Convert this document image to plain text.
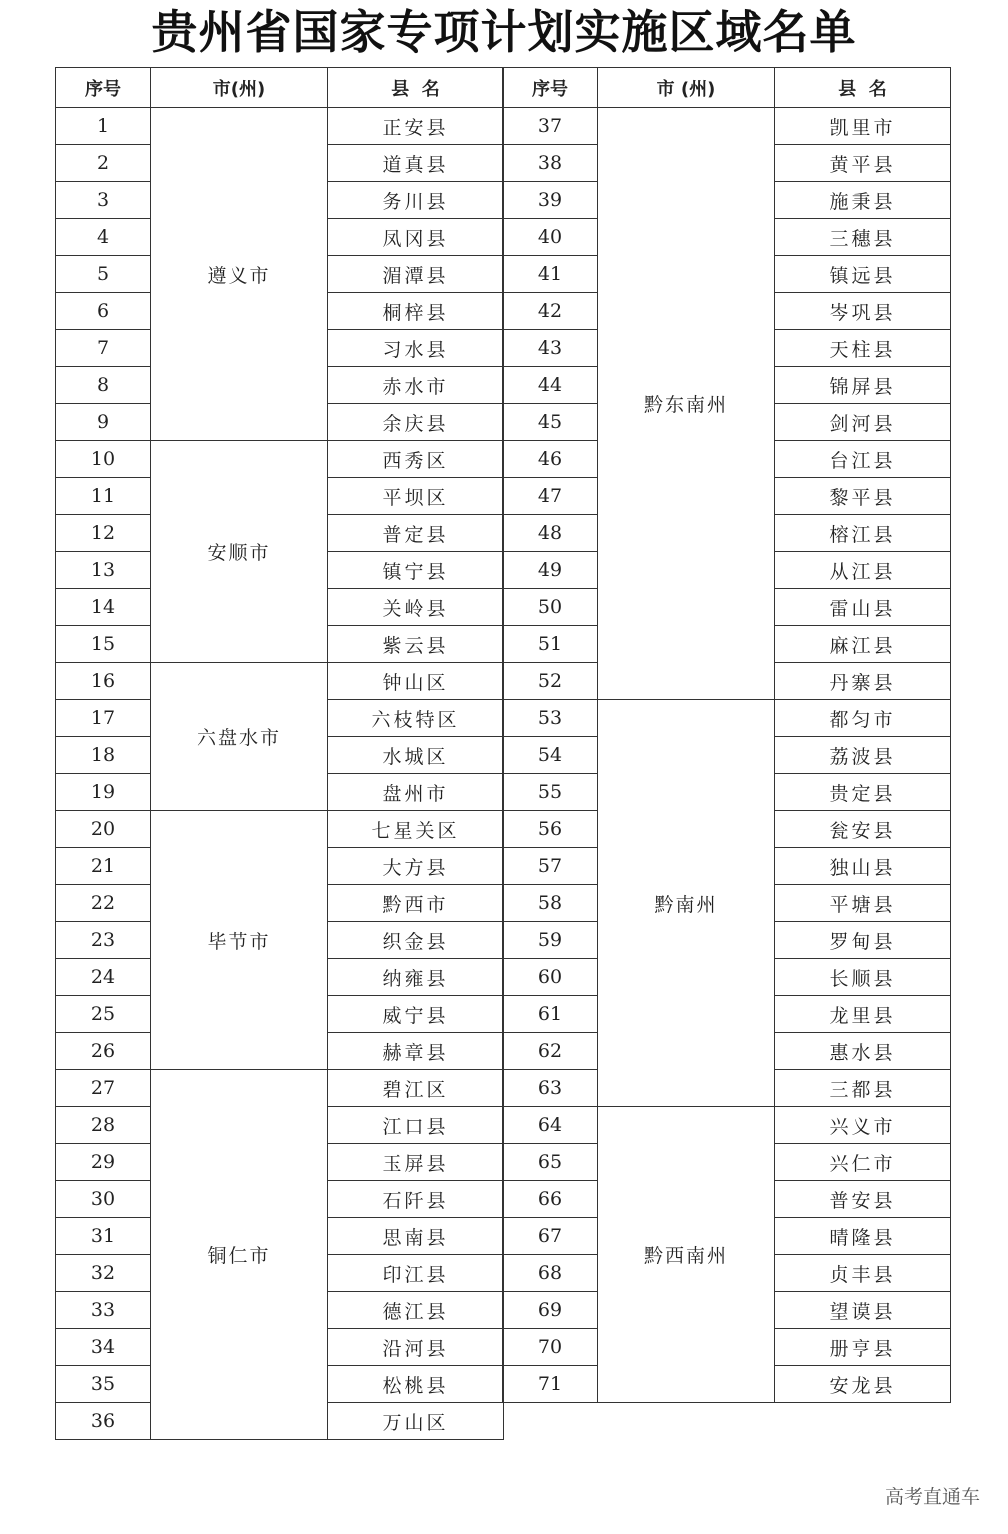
贵州省国家专项计划实施区域名单
序号	市(州)	县  名
1	遵义市	正安县
2		道真县
3		务川县
4		凤冈县
5		湄潭县
6		桐梓县
7		习水县
8		赤水市
9		余庆县
10	安顺市	西秀区
11		平坝区
12		普定县
13		镇宁县
14		关岭县
15		紫云县
16	六盘水市	钟山区
17		六枝特区
18		水城区
19		盘州市
20	毕节市	七星关区
21		大方县
22		黔西市
23		织金县
24		纳雍县
25		威宁县
26		赫章县
27	铜仁市	碧江区
28		江口县
29		玉屏县
30		石阡县
31		思南县
32		印江县
33		德江县
34		沿河县
35		松桃县
36		万山区
序号	市 (州)	县  名
37	黔东南州	凯里市
38		黄平县
39		施秉县
40		三穗县
41		镇远县
42		岑巩县
43		天柱县
44		锦屏县
45		剑河县
46		台江县
47		黎平县
48		榕江县
49		从江县
50		雷山县
51		麻江县
52		丹寨县
53	黔南州	都匀市
54		荔波县
55		贵定县
56		瓮安县
57		独山县
58		平塘县
59		罗甸县
60		长顺县
61		龙里县
62		惠水县
63		三都县
64	黔西南州	兴义市
65		兴仁市
66		普安县
67		晴隆县
68		贞丰县
69		望谟县
70		册亨县
71		安龙县
高考直通车
